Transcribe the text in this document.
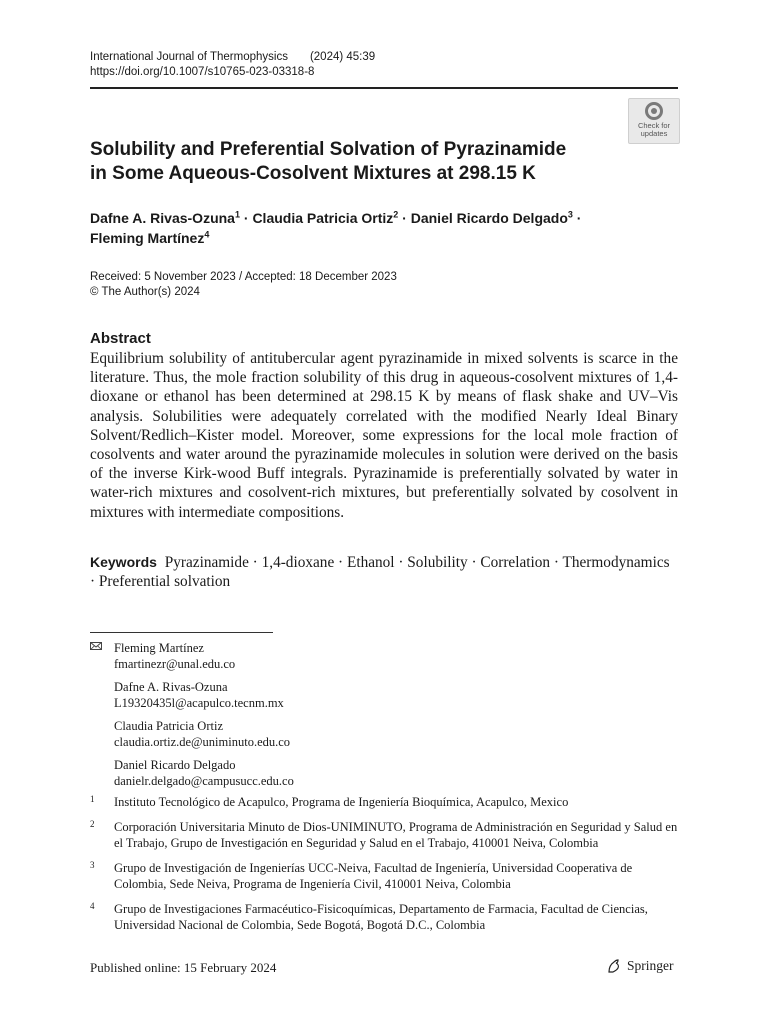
International Journal of Thermophysics (2024) 45:39
https://doi.org/10.1007/s10765-023-03318-8
Check for
updates
Solubility and Preferential Solvation of Pyrazinamide
in Some Aqueous-Cosolvent Mixtures at 298.15 K
Dafne A. Rivas-Ozuna$^1$ · Claudia Patricia Ortiz$^2$ · Daniel Ricardo Delgado$^3$ ·
Fleming Martínez$^4$
Received: 5 November 2023 / Accepted: 18 December 2023
© The Author(s) 2024
Abstract
Equilibrium solubility of antitubercular agent pyrazinamide in mixed solvents is scarce in the literature. Thus, the mole fraction solubility of this drug in aqueous-cosolvent mixtures of 1,4-dioxane or ethanol has been determined at 298.15 K by means of flask shake and UV–Vis analysis. Solubilities were adequately correlated with the modified Nearly Ideal Binary Solvent/Redlich–Kister model. Moreover, some expressions for the local mole fraction of cosolvents and water around the pyrazinamide molecules in solution were derived on the basis of the inverse Kirk-wood Buff integrals. Pyrazinamide is preferentially solvated by water in water-rich mixtures and cosolvent-rich mixtures, but preferentially solvated by cosolvent in mixtures with intermediate compositions.
Keywords Pyrazinamide · 1,4-dioxane · Ethanol · Solubility · Correlation · Thermodynamics · Preferential solvation
Fleming Martínez
fmartinezr@unal.edu.co
Dafne A. Rivas-Ozuna
L19320435l@acapulco.tecnm.mx
Claudia Patricia Ortiz
claudia.ortiz.de@uniminuto.edu.co
Daniel Ricardo Delgado
danielr.delgado@campusucc.edu.co
1 Instituto Tecnológico de Acapulco, Programa de Ingeniería Bioquímica, Acapulco, Mexico
2 Corporación Universitaria Minuto de Dios-UNIMINUTO, Programa de Administración en Seguridad y Salud en el Trabajo, Grupo de Investigación en Seguridad y Salud en el Trabajo, 410001 Neiva, Colombia
3 Grupo de Investigación de Ingenierías UCC-Neiva, Facultad de Ingeniería, Universidad Cooperativa de Colombia, Sede Neiva, Programa de Ingeniería Civil, 410001 Neiva, Colombia
4 Grupo de Investigaciones Farmacéutico-Fisicoquímicas, Departamento de Farmacia, Facultad de Ciencias, Universidad Nacional de Colombia, Sede Bogotá, Bogotá D.C., Colombia
Published online: 15 February 2024	Springer
